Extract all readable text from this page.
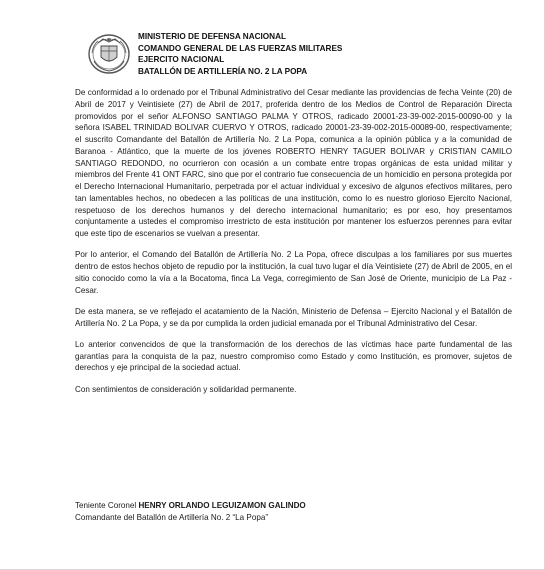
MINISTERIO DE DEFENSA NACIONAL
COMANDO GENERAL DE LAS FUERZAS MILITARES
EJERCITO NACIONAL
BATALLÓN DE ARTILLERÍA NO. 2 LA POPA

De conformidad a lo ordenado por el Tribunal Administrativo del Cesar mediante las providencias de fecha Veinte (20) de Abril de 2017 y Veintisiete (27) de Abril de 2017, proferida dentro de los Medios de Control de Reparación Directa promovidos por el señor ALFONSO SANTIAGO PALMA Y OTROS, radicado 20001-23-39-002-2015-00090-00 y la señora ISABEL TRINIDAD BOLIVAR CUERVO Y OTROS, radicado 20001-23-39-002-2015-00089-00, respectivamente; el suscrito Comandante del Batallón de Artillería No. 2 La Popa, comunica a la opinión pública y a la comunidad de Baranoa - Atlántico, que la muerte de los jóvenes ROBERTO HENRY TAGUER BOLIVAR y CRISTIAN CAMILO SANTIAGO REDONDO, no ocurrieron con ocasión a un combate entre tropas orgánicas de esta unidad militar y miembros del Frente 41 ONT FARC, sino que por el contrario fue consecuencia de un homicidio en persona protegida por el Derecho Internacional Humanitario, perpetrada por el actuar individual y excesivo de algunos efectivos militares, pero tan lamentables hechos, no obedecen a las políticas de una institución, como lo es nuestro glorioso Ejercito Nacional, respetuoso de los derechos humanos y del derecho internacional humanitario; es por eso, hoy presentamos conjuntamente a ustedes el compromiso irrestricto de esta institución por mantener los esfuerzos perennes para evitar que este tipo de escenarios se vuelvan a presentar.

Por lo anterior, el Comando del Batallón de Artillería No. 2 La Popa, ofrece disculpas a los familiares por sus muertes dentro de estos hechos objeto de repudio por la institución, la cual tuvo lugar el día Veintisiete (27) de Abril de 2005, en el sitio conocido como la vía a la Bocatoma, finca La Vega, corregimiento de San José de Oriente, municipio de La Paz -Cesar.

De esta manera, se ve reflejado el acatamiento de la Nación, Ministerio de Defensa – Ejercito Nacional y el Batallón de Artillería No. 2 La Popa, y se da por cumplida la orden judicial emanada por el Tribunal Administrativo del Cesar.

Lo anterior convencidos de que la transformación de los derechos de las víctimas hace parte fundamental de las garantías para la conquista de la paz, nuestro compromiso como Estado y como Institución, es promover, sujetos de derechos y eje principal de la sociedad actual.

Con sentimientos de consideración y solidaridad permanente.

Teniente Coronel HENRY ORLANDO LEGUIZAMON GALINDO
Comandante del Batallón de Artillería No. 2 “La Popa”
